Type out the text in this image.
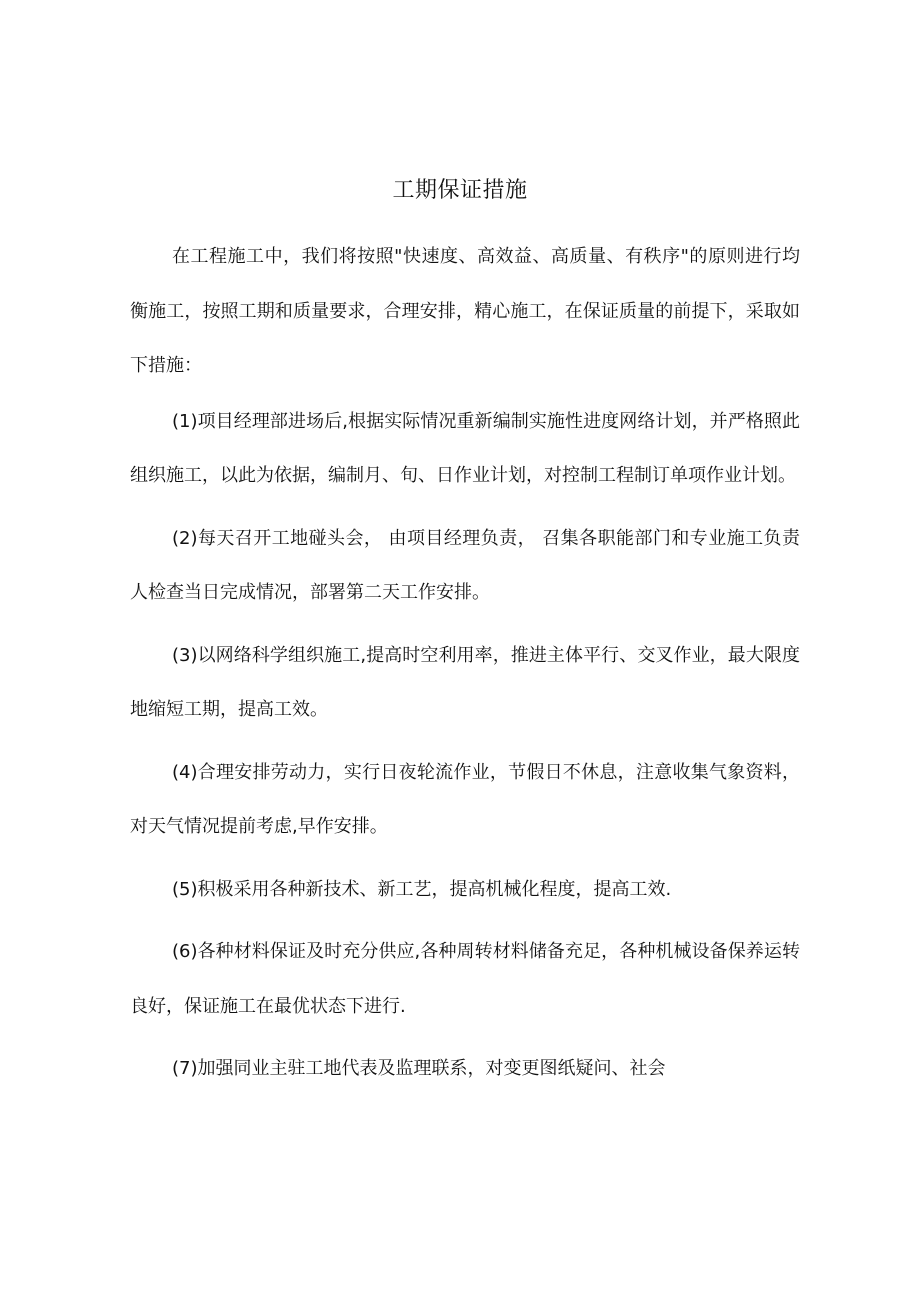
工期保证措施

在工程施工中，我们将按照"快速度、高效益、高质量、有秩序"的原则进行均衡施工，按照工期和质量要求，合理安排，精心施工，在保证质量的前提下，采取如下措施：

(1)项目经理部进场后,根据实际情况重新编制实施性进度网络计划，并严格照此组织施工，以此为依据，编制月、旬、日作业计划，对控制工程制订单项作业计划。

(2)每天召开工地碰头会， 由项目经理负责， 召集各职能部门和专业施工负责人检查当日完成情况，部署第二天工作安排。

(3)以网络科学组织施工,提高时空利用率，推进主体平行、交叉作业，最大限度地缩短工期，提高工效。

(4)合理安排劳动力，实行日夜轮流作业，节假日不休息，注意收集气象资料， 对天气情况提前考虑,早作安排。

(5)积极采用各种新技术、新工艺，提高机械化程度，提高工效.

(6)各种材料保证及时充分供应,各种周转材料储备充足，各种机械设备保养运转良好，保证施工在最优状态下进行.

(7)加强同业主驻工地代表及监理联系，对变更图纸疑问、社会
